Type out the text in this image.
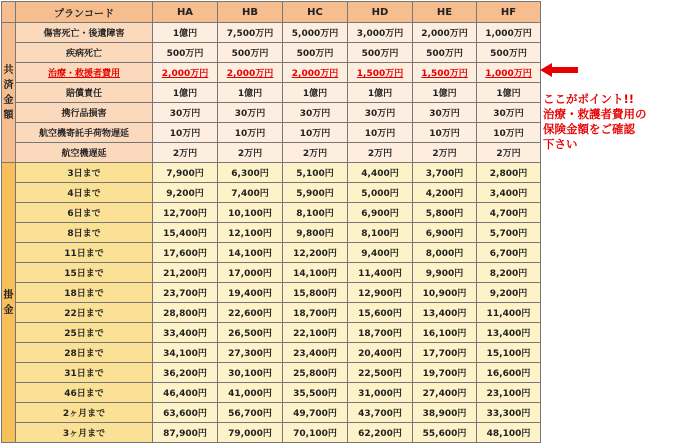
	プランコード	HA	HB	HC	HD	HE	HF
共
済
金
額	傷害死亡・後遺障害	1億円	7,500万円	5,000万円	3,000万円	2,000万円	1,000万円
	疾病死亡	500万円	500万円	500万円	500万円	500万円	500万円
	治療・救援者費用	2,000万円	2,000万円	2,000万円	1,500万円	1,500万円	1,000万円
	賠償責任	1億円	1億円	1億円	1億円	1億円	1億円
	携行品損害	30万円	30万円	30万円	30万円	30万円	30万円
	航空機寄託手荷物遅延	10万円	10万円	10万円	10万円	10万円	10万円
	航空機遅延	2万円	2万円	2万円	2万円	2万円	2万円
掛
金	3日まで	7,900円	6,300円	5,100円	4,400円	3,700円	2,800円
	4日まで	9,200円	7,400円	5,900円	5,000円	4,200円	3,400円
	6日まで	12,700円	10,100円	8,100円	6,900円	5,800円	4,700円
	8日まで	15,400円	12,100円	9,800円	8,100円	6,900円	5,700円
	11日まで	17,600円	14,100円	12,200円	9,400円	8,000円	6,700円
	15日まで	21,200円	17,000円	14,100円	11,400円	9,900円	8,200円
	18日まで	23,700円	19,400円	15,800円	12,900円	10,900円	9,200円
	22日まで	28,800円	22,600円	18,700円	15,600円	13,400円	11,400円
	25日まで	33,400円	26,500円	22,100円	18,700円	16,100円	13,400円
	28日まで	34,100円	27,300円	23,400円	20,400円	17,700円	15,100円
	31日まで	36,200円	30,100円	25,800円	22,500円	19,700円	16,600円
	46日まで	46,400円	41,000円	35,500円	31,000円	27,400円	23,100円
	2ヶ月まで	63,600円	56,700円	49,700円	43,700円	38,900円	33,300円
	3ヶ月まで	87,900円	79,000円	70,100円	62,200円	55,600円	48,100円
ここがポイント!!
治療・救護者費用の
保険金額をご確認
下さい
